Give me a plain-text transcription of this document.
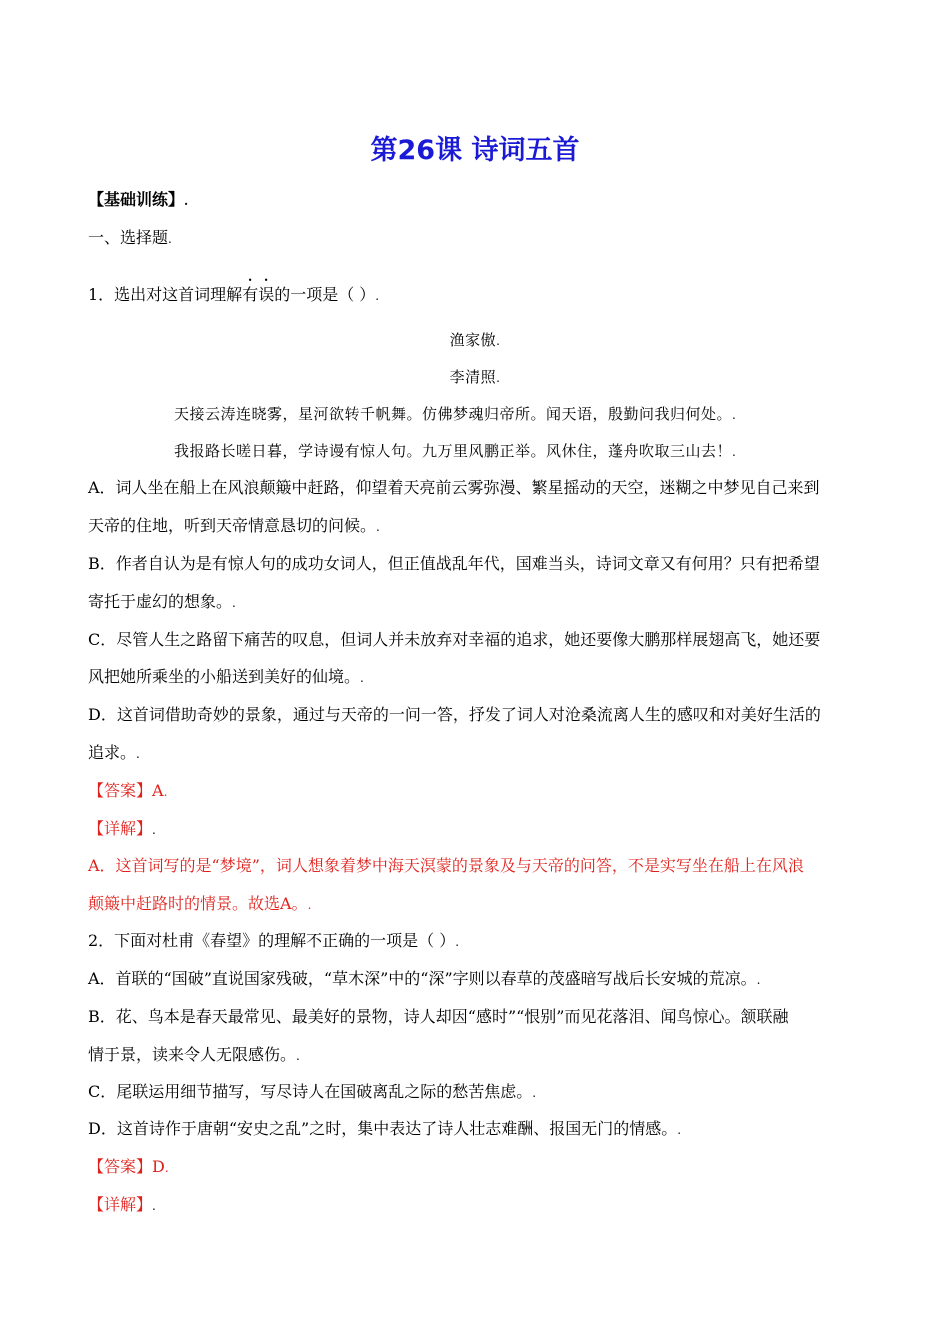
第26课 诗词五首
【基础训练】.
一、选择题.
1．选出对这首词理解有误的一项是（ ）.
渔家傲.
李清照.
天接云涛连晓雾，星河欲转千帆舞。仿佛梦魂归帝所。闻天语，殷勤问我归何处。.
我报路长嗟日暮，学诗谩有惊人句。九万里风鹏正举。风休住，蓬舟吹取三山去！.
A．词人坐在船上在风浪颠簸中赶路，仰望着天亮前云雾弥漫、繁星摇动的天空，迷糊之中梦见自己来到
天帝的住地，听到天帝情意恳切的问候。.
B．作者自认为是有惊人句的成功女词人，但正值战乱年代，国难当头，诗词文章又有何用？只有把希望
寄托于虚幻的想象。.
C．尽管人生之路留下痛苦的叹息，但词人并未放弃对幸福的追求，她还要像大鹏那样展翅高飞，她还要
风把她所乘坐的小船送到美好的仙境。.
D．这首词借助奇妙的景象，通过与天帝的一问一答，抒发了词人对沧桑流离人生的感叹和对美好生活的
追求。.
【答案】A.
【详解】.
A．这首词写的是“梦境”，词人想象着梦中海天溟蒙的景象及与天帝的问答，不是实写坐在船上在风浪
颠簸中赶路时的情景。故选A。.
2．下面对杜甫《春望》的理解不正确的一项是（ ）.
A．首联的“国破”直说国家残破，“草木深”中的“深”字则以春草的茂盛暗写战后长安城的荒凉。.
B．花、鸟本是春天最常见、最美好的景物，诗人却因“感时”“恨别”而见花落泪、闻鸟惊心。颔联融
情于景，读来令人无限感伤。.
C．尾联运用细节描写，写尽诗人在国破离乱之际的愁苦焦虑。.
D．这首诗作于唐朝“安史之乱”之时，集中表达了诗人壮志难酬、报国无门的情感。.
【答案】D.
【详解】.
